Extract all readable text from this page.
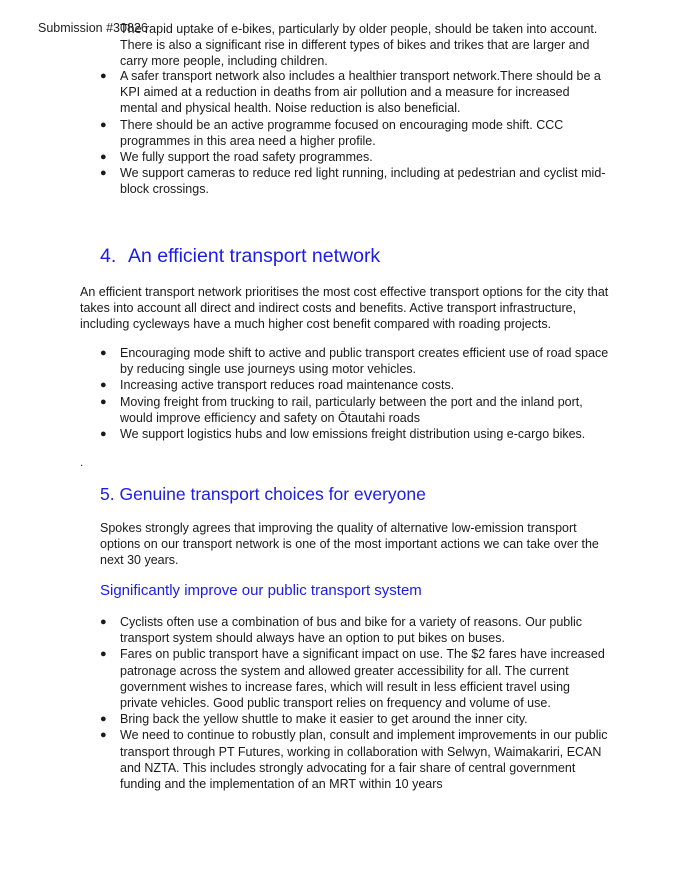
Submission #30826
The rapid uptake of e-bikes, particularly by older people, should be taken into account. There is also a significant rise in different types of bikes and trikes that are larger and carry more people, including children.
●	A safer transport network also includes a healthier transport network.There should be a KPI aimed at a reduction in deaths from air pollution and a measure for increased mental and physical health. Noise reduction is also beneficial.
●	There should be an active programme focused on encouraging mode shift. CCC programmes in this area need a higher profile.
●	We fully support the road safety programmes.
●	We support cameras to reduce red light running, including at pedestrian and cyclist mid-block crossings.
4. An efficient transport network
An efficient transport network prioritises the most cost effective transport options for the city that takes into account all direct and indirect costs and benefits. Active transport infrastructure, including cycleways have a much higher cost benefit compared with roading projects.
●	Encouraging mode shift to active and public transport creates efficient use of road space by reducing single use journeys using motor vehicles.
●	Increasing active transport reduces road maintenance costs.
●	Moving freight from trucking to rail, particularly between the port and the inland port, would improve efficiency and safety on Ōtautahi roads
●	We support logistics hubs and low emissions freight distribution using e-cargo bikes.
.
5. Genuine transport choices for everyone
Spokes strongly agrees that improving the quality of alternative low-emission transport options on our transport network is one of the most important actions we can take over the next 30 years.
Significantly improve our public transport system
●	Cyclists often use a combination of bus and bike for a variety of reasons. Our public transport system should always have an option to put bikes on buses.
●	Fares on public transport have a significant impact on use. The $2 fares have increased patronage across the system and allowed greater accessibility for all. The current government wishes to increase fares, which will result in less efficient travel using private vehicles. Good public transport relies on frequency and volume of use.
●	Bring back the yellow shuttle to make it easier to get around the inner city.
●	We need to continue to robustly plan, consult and implement improvements in our public transport through PT Futures, working in collaboration with Selwyn, Waimakariri, ECAN and NZTA. This includes strongly advocating for a fair share of central government funding and the implementation of an MRT within 10 years
